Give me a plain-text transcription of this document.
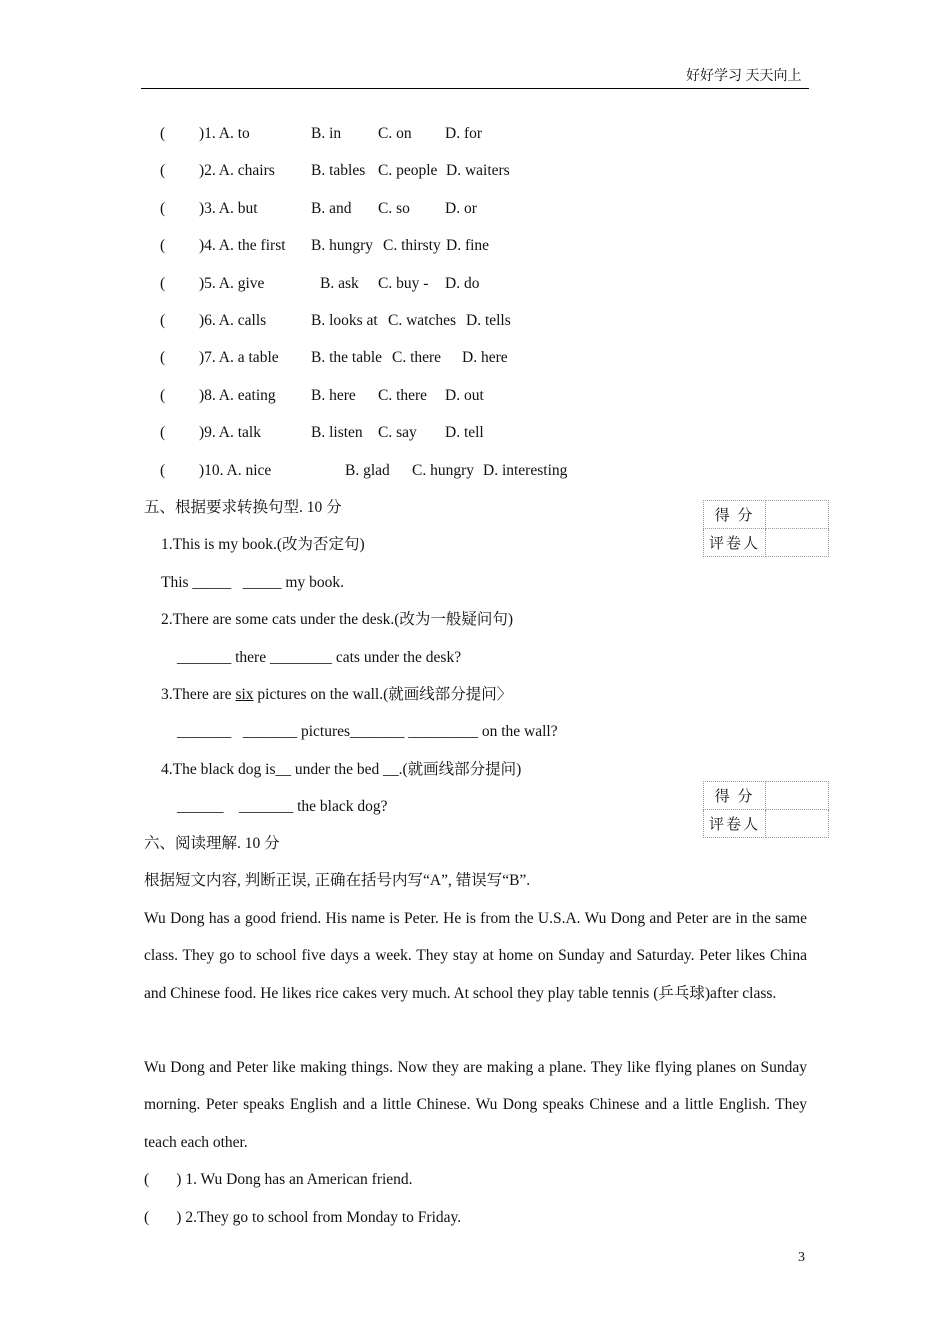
好好学习 天天向上
( )1. A. to	B. in C. on D. for
( )2. A. chairs B. tables C. people D. waiters
( )3. A. but	B. and C. so D. or
( )4. A. the first B. hungry C. thirsty D. fine
( )5. A. give	B. ask C. buy - D. do
( )6. A. calls	B. looks at C. watches D. tells
( )7. A. a table B. the table C. there D. here
( )8. A. eating B. here C. there D. out
( )9. A. talk	B. listen C. say D. tell
( )10. A. nice	B. glad C. hungry D. interesting
五、根据要求转换句型. 10 分	得 分	
评卷人	
1.This is my book.(改为否定句)
This _____   _____ my book.
2.There are some cats under the desk.(改为一般疑问句)
_______ there ________ cats under the desk?
3.There are six pictures on the wall.(就画线部分提问〉
_______   _______ pictures_______ _________ on the wall?
4.The black dog is__ under the bed __.(就画线部分提问)
______    _______ the black dog?
得 分	
评卷人	
六、阅读理解. 10 分
根据短文内容, 判断正误, 正确在括号内写“A”, 错误写“B”.
Wu Dong has a good friend. His name is Peter. He is from the U.S.A. Wu Dong and Peter are in the same class. They go to school five days a week. They stay at home on Sunday and Saturday. Peter likes China and Chinese food. He likes rice cakes very much. At school they play table tennis (乒乓球)after class.
Wu Dong and Peter like making things. Now they are making a plane. They like flying planes on Sunday morning. Peter speaks English and a little Chinese. Wu Dong speaks Chinese and a little English. They teach each other.
(       ) 1. Wu Dong has an American friend.
(       ) 2.They go to school from Monday to Friday.
3
